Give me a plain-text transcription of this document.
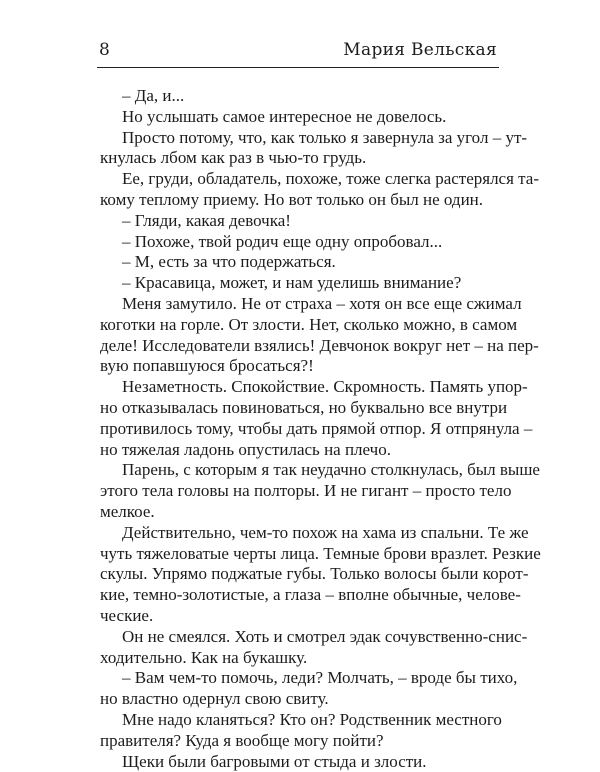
8	Мария Вельская
– Да, и...
Но услышать самое интересное не довелось.
Просто потому, что, как только я завернула за угол – ут-
кнулась лбом как раз в чью-то грудь.
Ее, груди, обладатель, похоже, тоже слегка растерялся та-
кому теплому приему. Но вот только он был не один.
– Гляди, какая девочка!
– Похоже, твой родич еще одну опробовал...
– М, есть за что подержаться.
– Красавица, может, и нам уделишь внимание?
Меня замутило. Не от страха – хотя он все еще сжимал
коготки на горле. От злости. Нет, сколько можно, в самом
деле! Исследователи взялись! Девчонок вокруг нет – на пер-
вую попавшуюся бросаться?!
Незаметность. Спокойствие. Скромность. Память упор-
но отказывалась повиноваться, но буквально все внутри
противилось тому, чтобы дать прямой отпор. Я отпрянула –
но тяжелая ладонь опустилась на плечо.
Парень, с которым я так неудачно столкнулась, был выше
этого тела головы на полторы. И не гигант – просто тело
мелкое.
Действительно, чем-то похож на хама из спальни. Те же
чуть тяжеловатые черты лица. Темные брови вразлет. Резкие
скулы. Упрямо поджатые губы. Только волосы были корот-
кие, темно-золотистые, а глаза – вполне обычные, челове-
ческие.
Он не смеялся. Хоть и смотрел эдак сочувственно-снис-
ходительно. Как на букашку.
– Вам чем-то помочь, леди? Молчать, – вроде бы тихо,
но властно одернул свою свиту.
Мне надо кланяться? Кто он? Родственник местного
правителя? Куда я вообще могу пойти?
Щеки были багровыми от стыда и злости.
